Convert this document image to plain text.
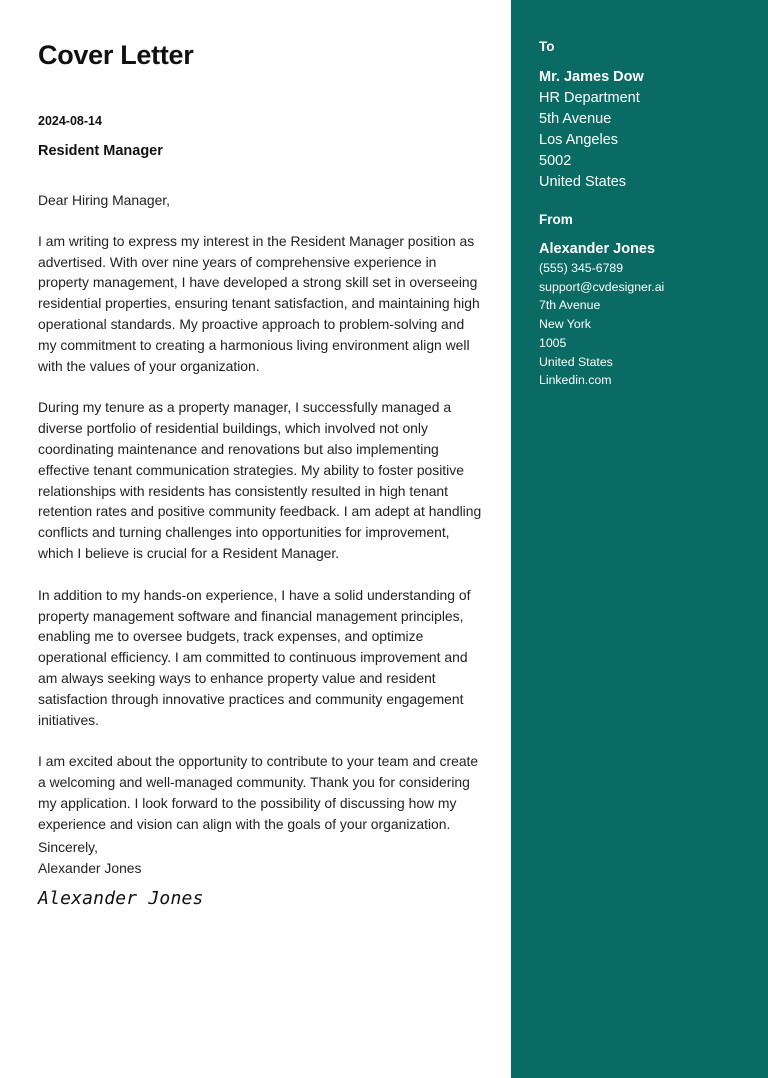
Cover Letter
2024-08-14
Resident Manager

Dear Hiring Manager,

I am writing to express my interest in the Resident Manager position as advertised. With over nine years of comprehensive experience in property management, I have developed a strong skill set in overseeing residential properties, ensuring tenant satisfaction, and maintaining high operational standards. My proactive approach to problem-solving and my commitment to creating a harmonious living environment align well with the values of your organization.

During my tenure as a property manager, I successfully managed a diverse portfolio of residential buildings, which involved not only coordinating maintenance and renovations but also implementing effective tenant communication strategies. My ability to foster positive relationships with residents has consistently resulted in high tenant retention rates and positive community feedback. I am adept at handling conflicts and turning challenges into opportunities for improvement, which I believe is crucial for a Resident Manager.

In addition to my hands-on experience, I have a solid understanding of property management software and financial management principles, enabling me to oversee budgets, track expenses, and optimize operational efficiency. I am committed to continuous improvement and am always seeking ways to enhance property value and resident satisfaction through innovative practices and community engagement initiatives.

I am excited about the opportunity to contribute to your team and create a welcoming and well-managed community. Thank you for considering my application. I look forward to the possibility of discussing how my experience and vision can align with the goals of your organization.

Sincerely,
Alexander Jones
Alexander Jones
To
Mr. James Dow
HR Department
5th Avenue
Los Angeles
5002
United States
From
Alexander Jones
(555) 345-6789
support@cvdesigner.ai
7th Avenue
New York
1005
United States
Linkedin.com
